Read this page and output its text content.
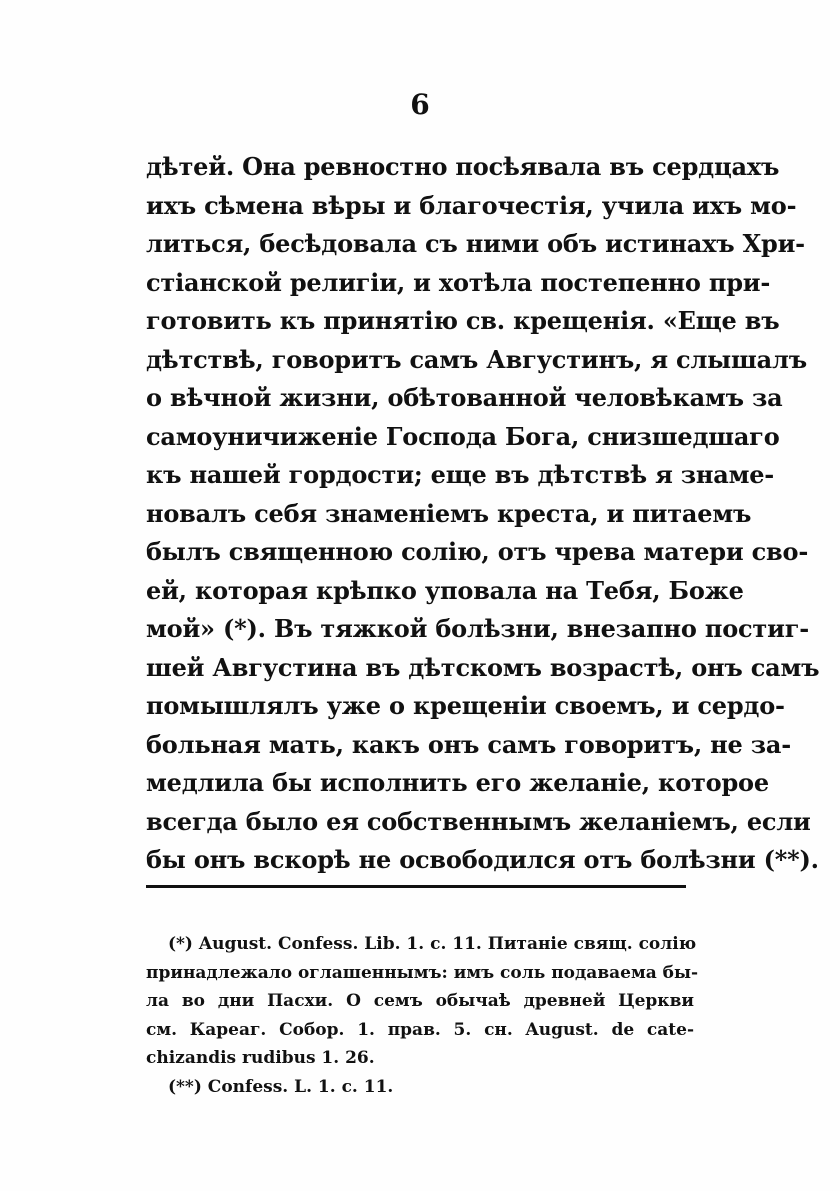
6
дѣтей. Она ревностно посѣявала въ сердцахъ
ихъ сѣмена вѣры и благочестія, учила ихъ мо-
литься, бесѣдовала съ ними объ истинахъ Хри-
стіанской религіи, и хотѣла постепенно при-
готовить къ принятію св. крещенія. «Еще въ
дѣтствѣ, говоритъ самъ Августинъ, я слышалъ
о вѣчной жизни, обѣтованной человѣкамъ за
самоуничиженіе Господа Бога, снизшедшаго
къ нашей гордости; еще въ дѣтствѣ я знаме-
новалъ себя знаменіемъ креста, и питаемъ
былъ священною солію, отъ чрева матери сво-
ей, которая крѣпко уповала на Тебя, Боже
мой» (*). Въ тяжкой болѣзни, внезапно постиг-
шей Августина въ дѣтскомъ возрастѣ, онъ самъ
помышлялъ уже о крещеніи своемъ, и сердо-
больная мать, какъ онъ самъ говоритъ, не за-
медлила бы исполнить его желаніе, которое
всегда было ея собственнымъ желаніемъ, если
бы онъ вскорѣ не освободился отъ болѣзни (**).
(*) August. Confess. Lib. 1. c. 11. Питаніе свящ. солію
принадлежало оглашеннымъ: имъ соль подаваема бы-
ла во дни Пасхи. О семъ обычаѣ древней Церкви
см. Кареаг. Собор. 1. прав. 5. сн. August. de cate-
chizandis rudibus 1. 26.
(**) Confess. L. 1. c. 11.
